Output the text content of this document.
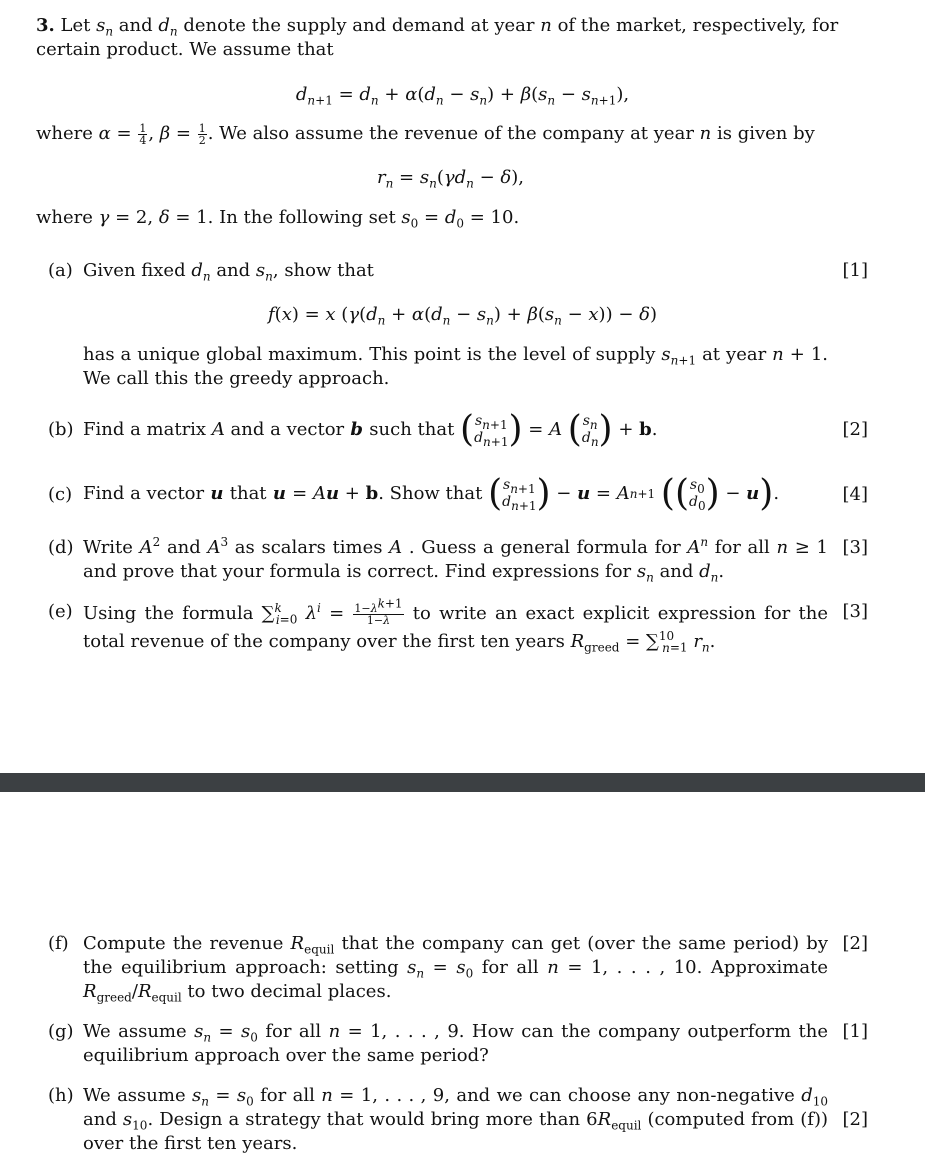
3. Let $s_n$ and $d_n$ denote the supply and demand at year n of the market, respectively, for
certain product. We assume that
$d_{n+1} = d_n + \alpha(d_n - s_n) + \beta(s_n - s_{n+1})$,
where $\alpha = \frac{1}{4}$ , $\beta = \frac{1}{2}$ . We also assume the revenue of the company at year n is given by
$r_n = s_n(\gamma d_n - \delta)$,
where γ = 2, δ = 1. In the following set $s_0 = d_0 = 10$.
(a) Given fixed $d_n$ and $s_n$, show that	[1]
f(x) = x $(\gamma(d_n + \alpha(d_n - s_n) + \beta(s_n - x)) - \delta)$
has a unique global maximum. This point is the level of supply $s_{n+1}$ at year n + 1. We call this the greedy approach.
(b) Find a matrix A and a vector b such that ( $s_{n+1}$
$d_{n+1}$ ) = A
( $s_n$
$d_n$ ) + b .	[2]
(c) Find a vector u that u = A u + b . Show that ( $s_{n+1}$
$d_{n+1}$ ) − u = A n +1
( ( $s_0$
$d_0$ ) − u ) .	[4]
(d) Write $A^2$ and $A^3$ as scalars times A . Guess a general formula for $A^n$ for all n ≥ 1 and prove that your formula is correct. Find expressions for $s_n$ and $d_n$.
[3]
(e) Using the formula ∑$^k_{i=0}$ $\lambda^i = \frac{1-\lambda^{k+1}}{1-\lambda}$ to write an exact explicit expression for the total revenue of the company over the first ten years $R_{greed} = \sum^{10}_{n=1}$ $r_n$.
[3]
(f) Compute the revenue $R_{equil}$ that the company can get (over the same period) by the equilibrium approach: setting $s_n = s_0$ for all n = 1, . . . , 10. Approximate $R_{greed}/R_{equil}$ to two decimal places.
[2]
(g) We assume $s_n = s_0$ for all n = 1, . . . , 9. How can the company outperform the equilibrium approach over the same period?
[1]
(h) We assume $s_n = s_0$ for all n = 1, . . . , 9, and we can choose any non-negative $d_{10}$ and $s_{10}$. Design a strategy that would bring more than $6R_{equil}$ (computed from (f)) over the first ten years.
[2]
